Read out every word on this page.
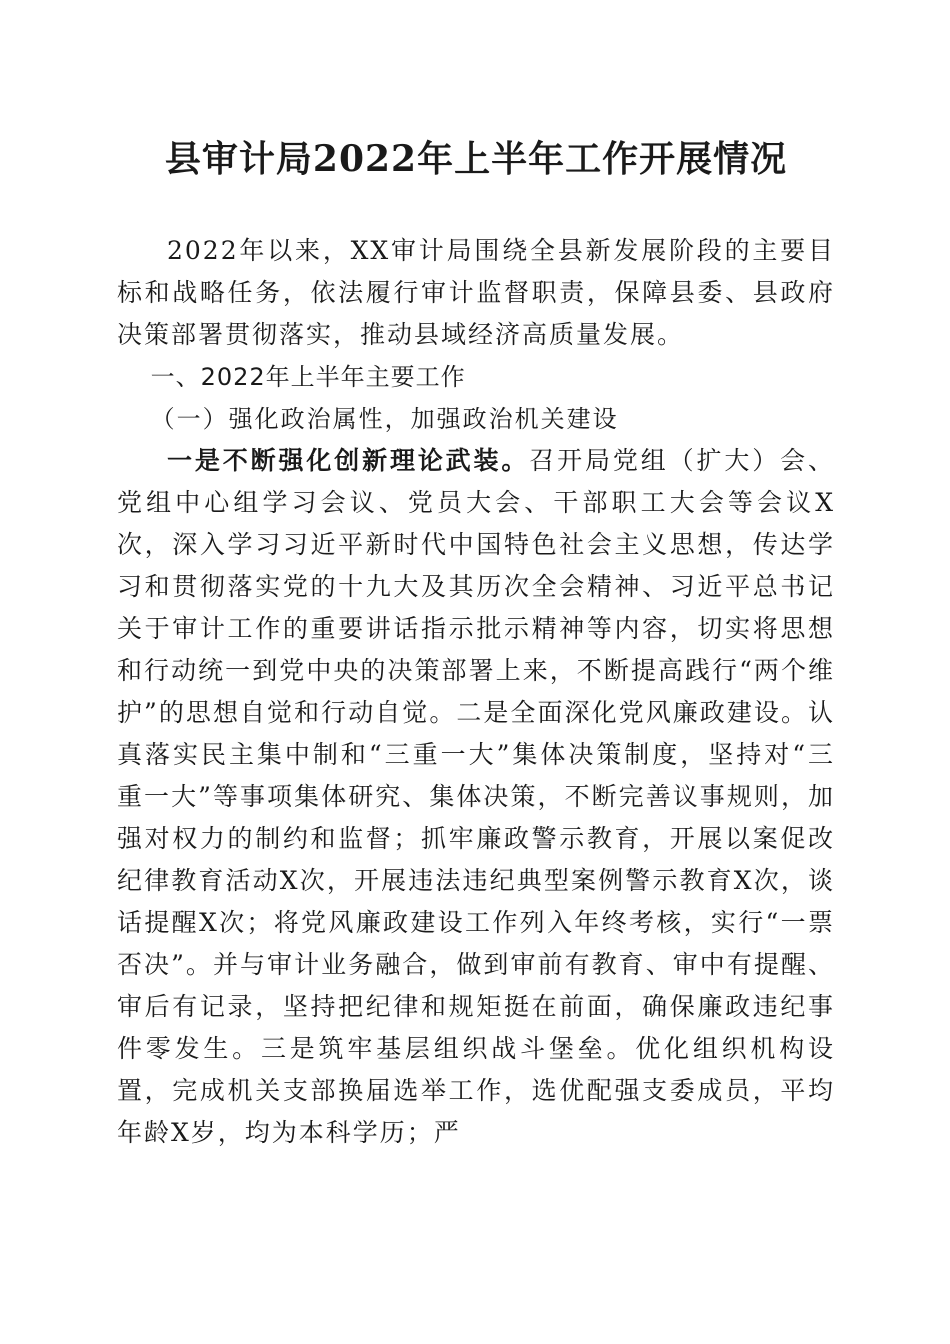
县审计局2022年上半年工作开展情况

2022年以来，XX审计局围绕全县新发展阶段的主要目标和战略任务，依法履行审计监督职责，保障县委、县政府决策部署贯彻落实，推动县域经济高质量发展。

一、2022年上半年主要工作

（一）强化政治属性，加强政治机关建设

一是不断强化创新理论武装。召开局党组（扩大）会、党组中心组学习会议、党员大会、干部职工大会等会议X次，深入学习习近平新时代中国特色社会主义思想，传达学习和贯彻落实党的十九大及其历次全会精神、习近平总书记关于审计工作的重要讲话指示批示精神等内容，切实将思想和行动统一到党中央的决策部署上来，不断提高践行“两个维护”的思想自觉和行动自觉。二是全面深化党风廉政建设。认真落实民主集中制和“三重一大”集体决策制度，坚持对“三重一大”等事项集体研究、集体决策，不断完善议事规则，加强对权力的制约和监督；抓牢廉政警示教育，开展以案促改纪律教育活动X次，开展违法违纪典型案例警示教育X次，谈话提醒X次；将党风廉政建设工作列入年终考核，实行“一票否决”。并与审计业务融合，做到审前有教育、审中有提醒、审后有记录，坚持把纪律和规矩挺在前面，确保廉政违纪事件零发生。三是筑牢基层组织战斗堡垒。优化组织机构设置，完成机关支部换届选举工作，选优配强支委成员，平均年龄X岁，均为本科学历；严
